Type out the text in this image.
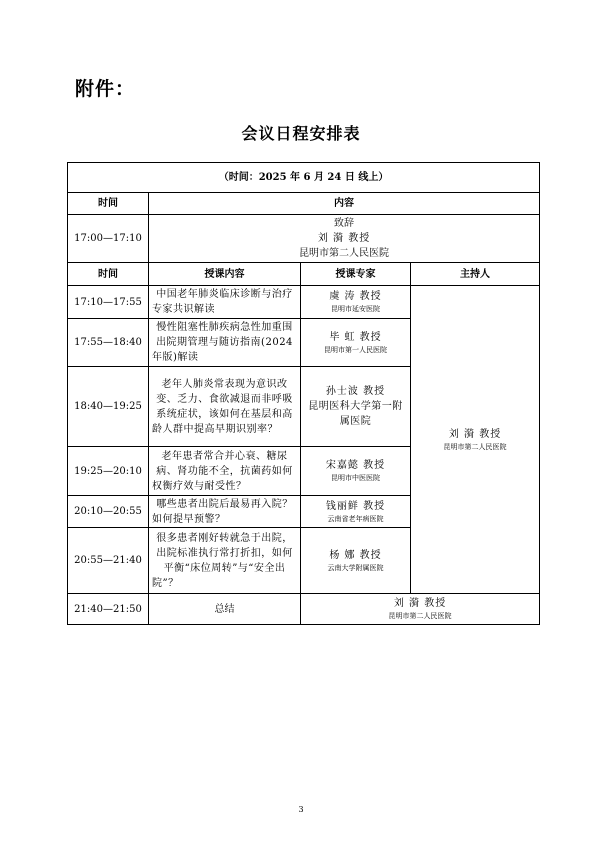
附件：
会议日程安排表
（时间：2025 年 6 月 24 日 线上）			
时间	内容		
17:00—17:10	致辞
刘 漪 教授
昆明市第二人民医院		

时间	授课内容	授课专家	主持人
17:10—17:55	中国老年肺炎临床诊断与治疗专家共识解读	虞 涛 教授
昆明市延安医院	刘 漪 教授
昆明市第二人民医院

17:55—18:40	慢性阻塞性肺疾病急性加重围出院期管理与随访指南(2024 年版)解读	毕 虹 教授
昆明市第一人民医院	

18:40—19:25	老年人肺炎常表现为意识改变、乏力、食欲减退而非呼吸系统症状，该如何在基层和高龄人群中提高早期识别率？	孙士波 教授
昆明医科大学第一附属医院	

19:25—20:10	老年患者常合并心衰、糖尿病、肾功能不全，抗菌药如何权衡疗效与耐受性？	宋嘉懿 教授
昆明市中医医院	

20:10—20:55	哪些患者出院后最易再入院？如何提早预警？	钱丽鲜 教授
云南省老年病医院	

20:55—21:40	很多患者刚好转就急于出院，出院标准执行常打折扣，如何平衡“床位周转”与“安全出院”？	杨 娜 教授
云南大学附属医院	

21:40—21:50	总结	刘 漪 教授
昆明市第二人民医院	
3
